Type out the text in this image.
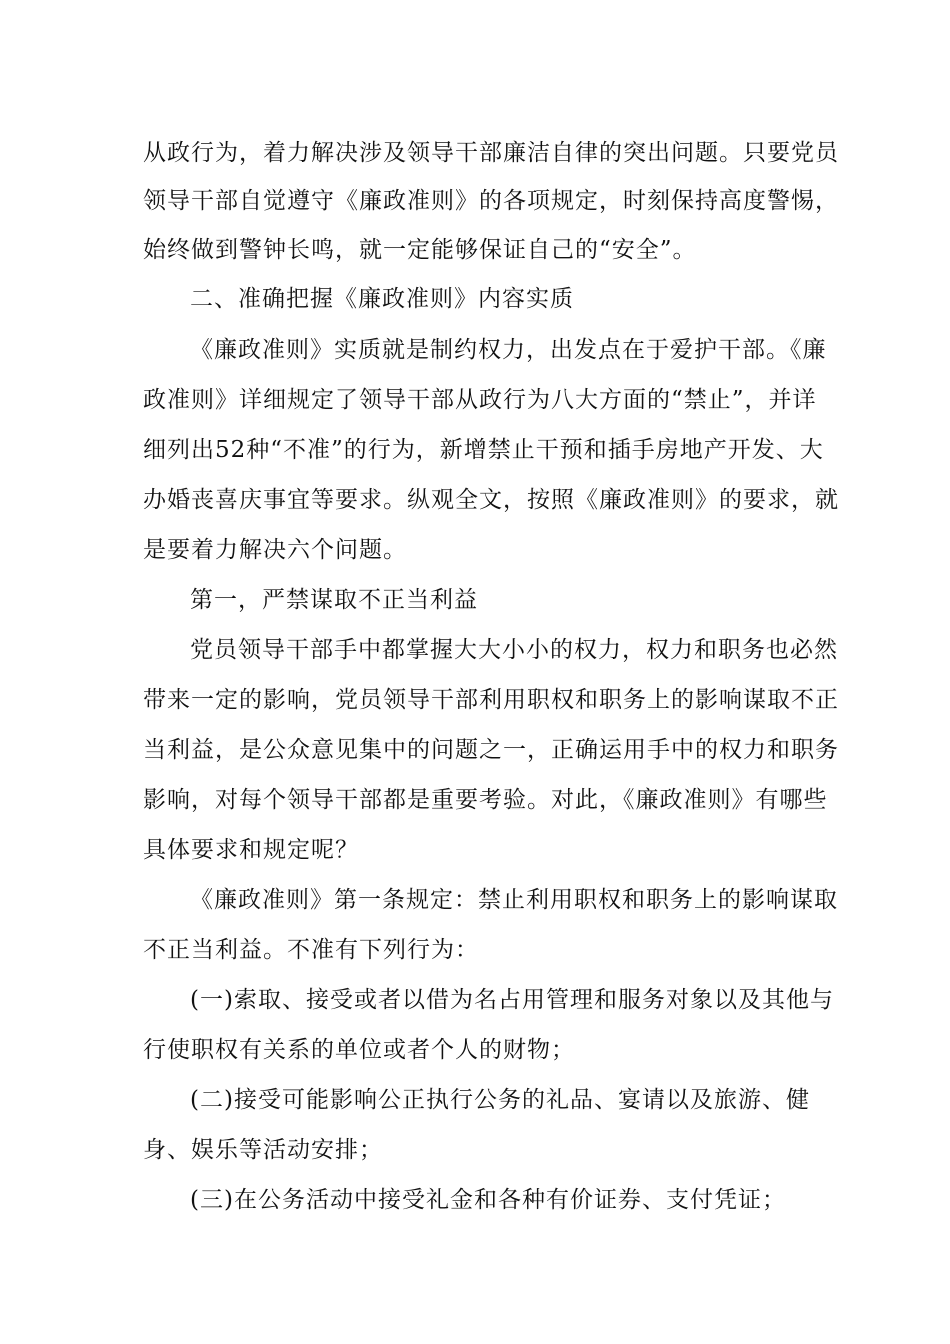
从政行为，着力解决涉及领导干部廉洁自律的突出问题。只要党员
领导干部自觉遵守《廉政准则》的各项规定，时刻保持高度警惕，
始终做到警钟长鸣，就一定能够保证自己的“安全”。
二、准确把握《廉政准则》内容实质
《廉政准则》实质就是制约权力，出发点在于爱护干部。《廉
政准则》详细规定了领导干部从政行为八大方面的“禁止”，并详
细列出52种“不准”的行为，新增禁止干预和插手房地产开发、大
办婚丧喜庆事宜等要求。纵观全文，按照《廉政准则》的要求，就
是要着力解决六个问题。
第一，严禁谋取不正当利益
党员领导干部手中都掌握大大小小的权力，权力和职务也必然
带来一定的影响，党员领导干部利用职权和职务上的影响谋取不正
当利益，是公众意见集中的问题之一，正确运用手中的权力和职务
影响，对每个领导干部都是重要考验。对此，《廉政准则》有哪些
具体要求和规定呢？
《廉政准则》第一条规定：禁止利用职权和职务上的影响谋取
不正当利益。不准有下列行为：
(一)索取、接受或者以借为名占用管理和服务对象以及其他与
行使职权有关系的单位或者个人的财物；
(二)接受可能影响公正执行公务的礼品、宴请以及旅游、健
身、娱乐等活动安排；
(三)在公务活动中接受礼金和各种有价证券、支付凭证；
